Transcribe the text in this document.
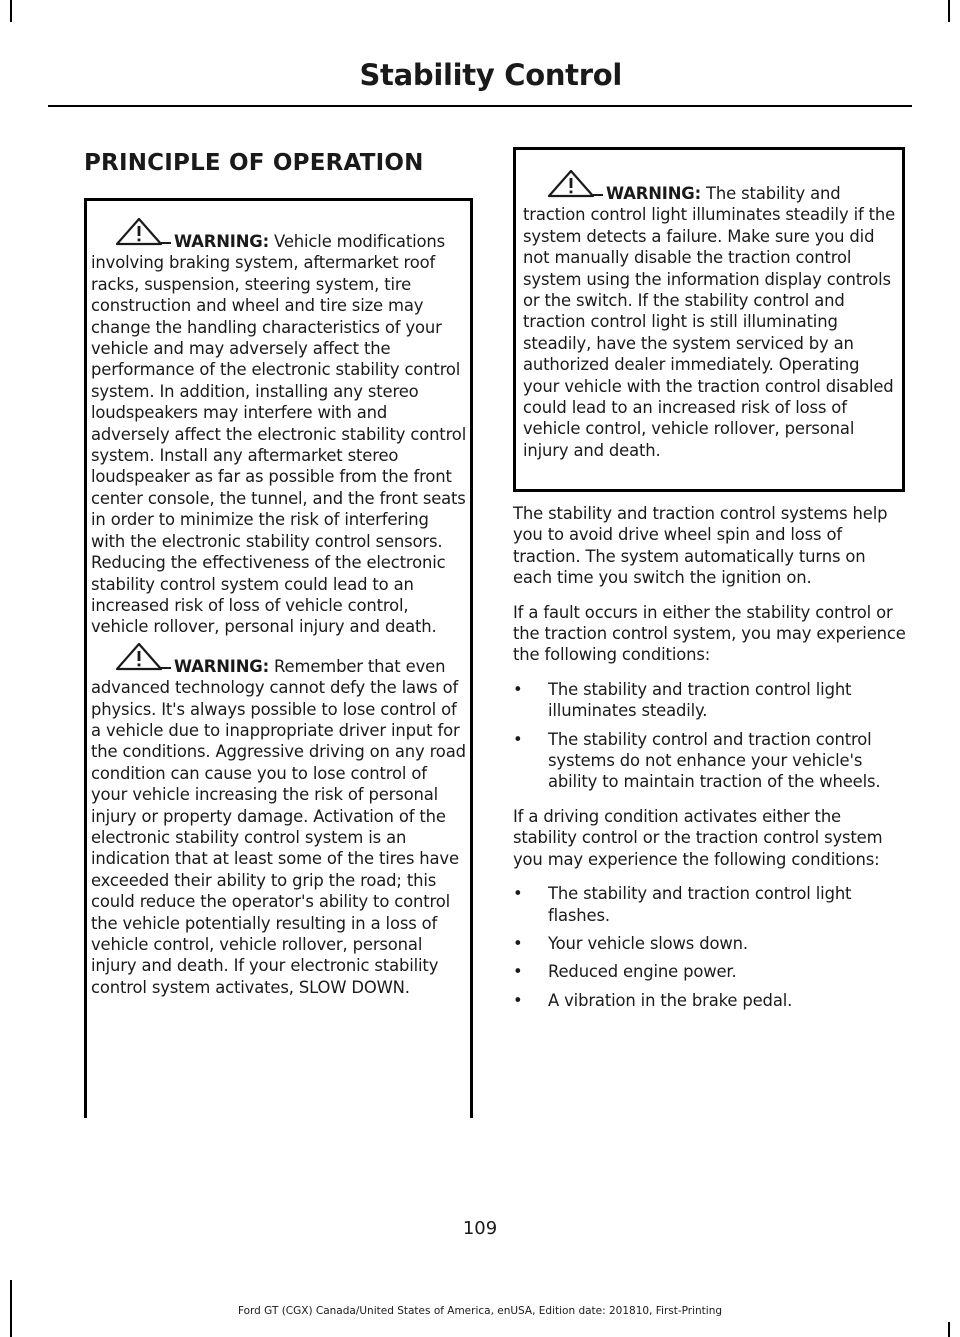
Stability Control
PRINCIPLE OF OPERATION
WARNING: Vehicle modifications involving braking system, aftermarket roof racks, suspension, steering system, tire construction and wheel and tire size may change the handling characteristics of your vehicle and may adversely affect the performance of the electronic stability control system. In addition, installing any stereo loudspeakers may interfere with and adversely affect the electronic stability control system. Install any aftermarket stereo loudspeaker as far as possible from the front center console, the tunnel, and the front seats in order to minimize the risk of interfering with the electronic stability control sensors. Reducing the effectiveness of the electronic stability control system could lead to an increased risk of loss of vehicle control, vehicle rollover, personal injury and death.
WARNING: Remember that even advanced technology cannot defy the laws of physics. It's always possible to lose control of a vehicle due to inappropriate driver input for the conditions. Aggressive driving on any road condition can cause you to lose control of your vehicle increasing the risk of personal injury or property damage. Activation of the electronic stability control system is an indication that at least some of the tires have exceeded their ability to grip the road; this could reduce the operator's ability to control the vehicle potentially resulting in a loss of vehicle control, vehicle rollover, personal injury and death. If your electronic stability control system activates, SLOW DOWN.
WARNING: The stability and traction control light illuminates steadily if the system detects a failure. Make sure you did not manually disable the traction control system using the information display controls or the switch. If the stability control and traction control light is still illuminating steadily, have the system serviced by an authorized dealer immediately. Operating your vehicle with the traction control disabled could lead to an increased risk of loss of vehicle control, vehicle rollover, personal injury and death.

The stability and traction control systems help you to avoid drive wheel spin and loss of traction. The system automatically turns on each time you switch the ignition on.

If a fault occurs in either the stability control or the traction control system, you may experience the following conditions:

• The stability and traction control light illuminates steadily.
• The stability control and traction control systems do not enhance your vehicle's ability to maintain traction of the wheels.

If a driving condition activates either the stability control or the traction control system you may experience the following conditions:

• The stability and traction control light flashes.
• Your vehicle slows down.
• Reduced engine power.
• A vibration in the brake pedal.
109
Ford GT (CGX) Canada/United States of America, enUSA, Edition date: 201810, First-Printing
